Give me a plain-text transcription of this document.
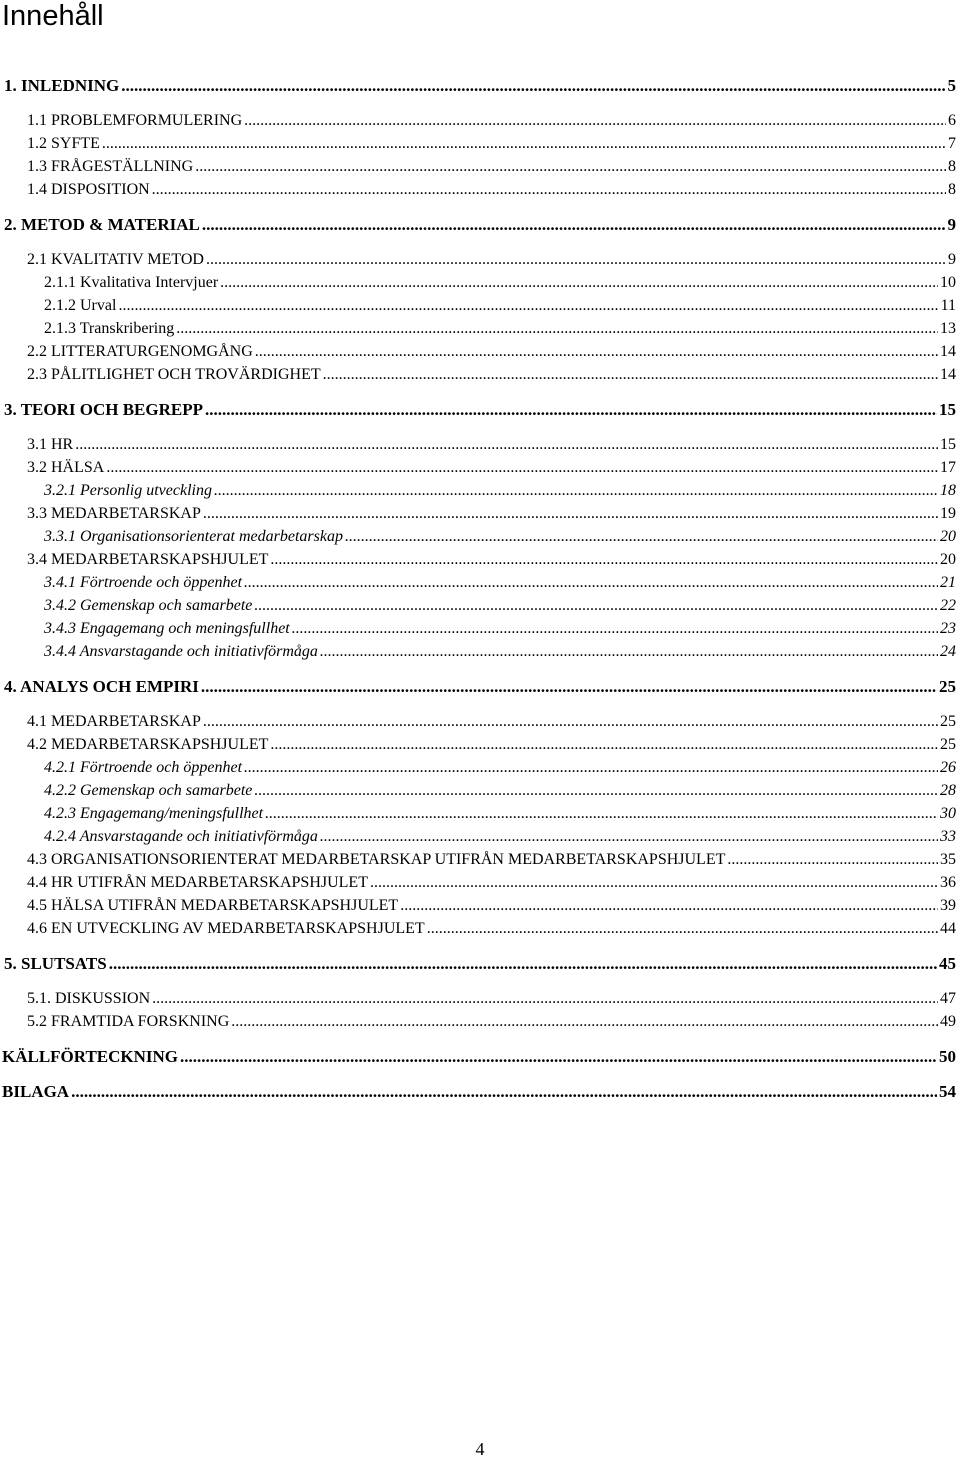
Innehåll
1. INLEDNING .....	5
1.1 PROBLEMFORMULERING .....	6
1.2 SYFTE .....	7
1.3 FRÅGESTÄLLNING .....	8
1.4 DISPOSITION .....	8
2. METOD & MATERIAL .....	9
2.1 KVALITATIV METOD .....	9
2.1.1 Kvalitativa Intervjuer .....	10
2.1.2 Urval .....	11
2.1.3 Transkribering .....	13
2.2 LITTERATURGENOMGÅNG .....	14
2.3 PÅLITLIGHET OCH TROVÄRDIGHET .....	14
3. TEORI OCH BEGREPP .....	15
3.1 HR .....	15
3.2 HÄLSA .....	17
3.2.1 Personlig utveckling .....	18
3.3 MEDARBETARSKAP .....	19
3.3.1 Organisationsorienterat medarbetarskap .....	20
3.4 MEDARBETARSKAPSHJULET .....	20
3.4.1 Förtroende och öppenhet .....	21
3.4.2 Gemenskap och samarbete .....	22
3.4.3 Engagemang och meningsfullhet .....	23
3.4.4 Ansvarstagande och initiativförmåga .....	24
4. ANALYS OCH EMPIRI .....	25
4.1 MEDARBETARSKAP .....	25
4.2 MEDARBETARSKAPSHJULET .....	25
4.2.1 Förtroende och öppenhet .....	26
4.2.2 Gemenskap och samarbete .....	28
4.2.3 Engagemang/meningsfullhet .....	30
4.2.4 Ansvarstagande och initiativförmåga .....	33
4.3 ORGANISATIONSORIENTERAT MEDARBETARSKAP UTIFRÅN MEDARBETARSKAPSHJULET .....	35
4.4 HR UTIFRÅN MEDARBETARSKAPSHJULET .....	36
4.5 HÄLSA UTIFRÅN MEDARBETARSKAPSHJULET .....	39
4.6 EN UTVECKLING AV MEDARBETARSKAPSHJULET .....	44
5. SLUTSATS .....	45
5.1. DISKUSSION .....	47
5.2 FRAMTIDA FORSKNING .....	49
KÄLLFÖRTECKNING .....	50
BILAGA .....	54
4
